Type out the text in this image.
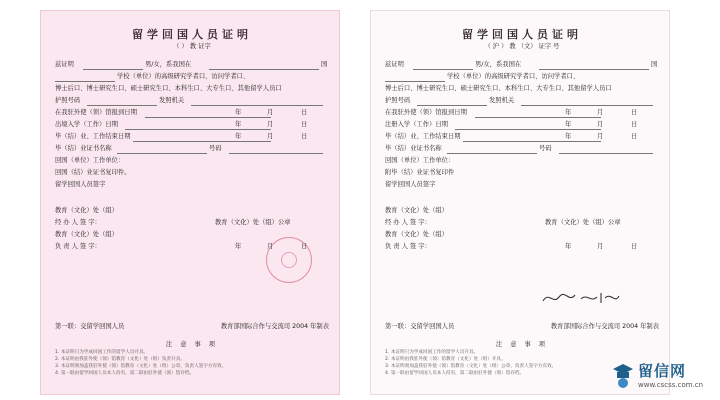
留学回国人员证明
（ ） 教 证字
兹证明	男/女，系我国在	国
学校（单位）的高级研究学者口、访问学者口、
博士后口、博士研究生口、硕士研究生口、本科生口、大专生口、其他留学人员口
护照号码	发照机关
在我驻外使（领）馆报到日期	年	月	日
出境入学（工作）日期	年	月	日
毕（结）业、工作结束日期	年	月	日
毕（结）业证书名称	号码
回国（单位）工作单位：
回国（结）业证书复印件。
留学回国人员签字
教育（文化）处（组）
经 办 人 签 字：	教育（文化）处（组）公章
教育（文化）处（组）
负 责 人 签 字：	年	月	日
第一联：交留学回国人员	教育部国际合作与交流司 2004 年制表
注 意 事 项
1. 本证明只为学成回国工作的留学人员开具。
2. 本证明由我驻外使（领）馆教育（文化）处（组）负责开具。
3. 本证明须加盖我驻外使（领）馆教育（文化）处（组）公章，负责人签字方有效。
4. 第一联由留学回国人员本人持有，第二联由驻外使（领）馆存档。
留学回国人员证明
（ 沪 ） 教 （文） 证字 号
兹证明	男/女，系我国在	国
学校（单位）的高级研究学者口、访问学者口、
博士后口、博士研究生口、硕士研究生口、本科生口、大专生口、其他留学人员口
护照号码	发照机关
在我驻外使（领）馆报到日期	年	月	日
注册入学（工作）日期	年	月	日
毕（结）业、工作结束日期	年	月	日
毕（结）业证书名称	号码
回国（单位）工作单位：
附毕（结）业证书复印件
留学回国人员签字
教育（文化）处（组）
经 办 人 签 字：	教育（文化）处（组）公章
教育（文化）处（组）
负 责 人 签 字：	年	月	日
第一联：交留学回国人员	教育部国际合作与交流司 2004 年制表
注 意 事 项
1. 本证明只为学成回国工作的留学人员开具。
2. 本证明由我驻外使（领）馆教育（文化）处（组）开具。
3. 本证明须加盖我驻外使（领）馆教育（文化）处（组）公章，负责人签字方有效。
4. 第一联由留学回国人员本人持有，第二联由驻外使（领）馆存档。	留信网
www.cscss.com.cn
